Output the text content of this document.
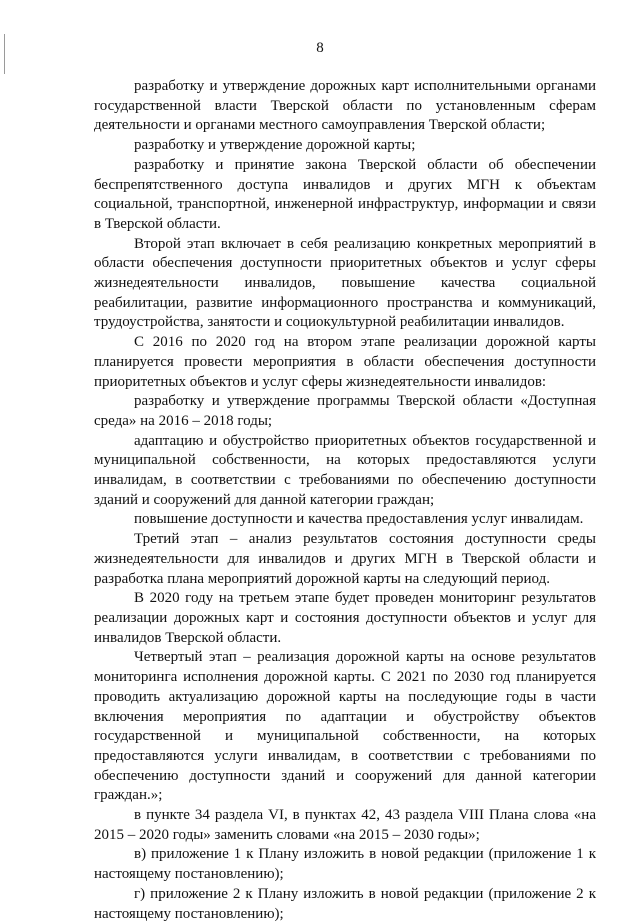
8

разработку и утверждение дорожных карт исполнительными органами государственной власти Тверской области по установленным сферам деятельности и органами местного самоуправления Тверской области;

разработку и утверждение дорожной карты;

разработку и принятие закона Тверской области об обеспечении беспрепятственного доступа инвалидов и других МГН к объектам социальной, транспортной, инженерной инфраструктур, информации и связи в Тверской области.

Второй этап включает в себя реализацию конкретных мероприятий в области обеспечения доступности приоритетных объектов и услуг сферы жизнедеятельности инвалидов, повышение качества социальной реабилитации, развитие информационного пространства и коммуникаций, трудоустройства, занятости и социокультурной реабилитации инвалидов.

С 2016 по 2020 год на втором этапе реализации дорожной карты планируется провести мероприятия в области обеспечения доступности приоритетных объектов и услуг сферы жизнедеятельности инвалидов:

разработку и утверждение программы Тверской области «Доступная среда» на 2016 – 2018 годы;

адаптацию и обустройство приоритетных объектов государственной и муниципальной собственности, на которых предоставляются услуги инвалидам, в соответствии с требованиями по обеспечению доступности зданий и сооружений для данной категории граждан;

повышение доступности и качества предоставления услуг инвалидам.

Третий этап – анализ результатов состояния доступности среды жизнедеятельности для инвалидов и других МГН в Тверской области и разработка плана мероприятий дорожной карты на следующий период.

В 2020 году на третьем этапе будет проведен мониторинг результатов реализации дорожных карт и состояния доступности объектов и услуг для инвалидов Тверской области.

Четвертый этап – реализация дорожной карты на основе результатов мониторинга исполнения дорожной карты. С 2021 по 2030 год планируется проводить актуализацию дорожной карты на последующие годы в части включения мероприятия по адаптации и обустройству объектов государственной и муниципальной собственности, на которых предоставляются услуги инвалидам, в соответствии с требованиями по обеспечению доступности зданий и сооружений для данной категории граждан.»;

в пункте 34 раздела VI, в пунктах 42, 43 раздела VIII Плана слова «на 2015 – 2020 годы» заменить словами «на 2015 – 2030 годы»;

в) приложение 1 к Плану изложить в новой редакции (приложение 1 к настоящему постановлению);

г) приложение 2 к Плану изложить в новой редакции (приложение 2 к настоящему постановлению);
